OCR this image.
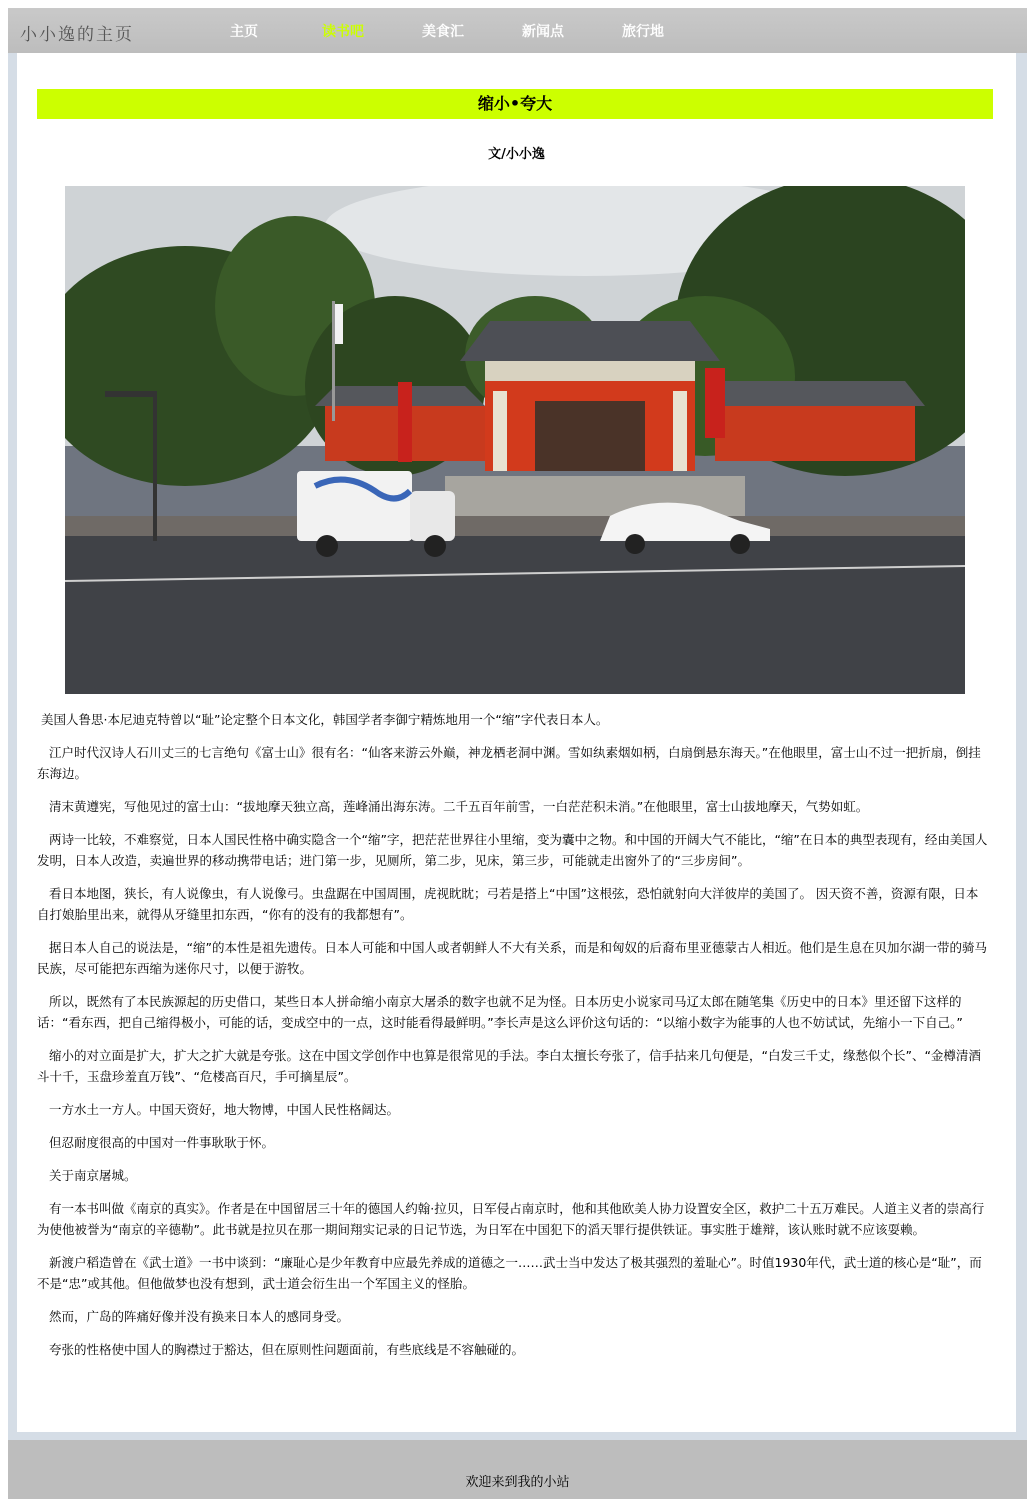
小小逸的主页	主页	读书吧	美食汇	新闻点	旅行地
缩小•夸大
文/小小逸

美国人鲁思·本尼迪克特曾以“耻”论定整个日本文化，韩国学者李御宁精炼地用一个“缩”字代表日本人。

江户时代汉诗人石川丈三的七言绝句《富士山》很有名：“仙客来游云外巅，神龙栖老洞中渊。雪如纨素烟如柄，白扇倒悬东海天。”在他眼里，富士山不过一把折扇，倒挂东海边。

清末黄遵宪，写他见过的富士山：“拔地摩天独立高，莲峰涌出海东涛。二千五百年前雪，一白茫茫积未消。”在他眼里，富士山拔地摩天，气势如虹。

两诗一比较，不难察觉，日本人国民性格中确实隐含一个“缩”字，把茫茫世界往小里缩，变为囊中之物。和中国的开阔大气不能比，“缩”在日本的典型表现有，经由美国人发明，日本人改造，卖遍世界的移动携带电话；进门第一步，见厕所，第二步，见床，第三步，可能就走出窗外了的“三步房间”。

看日本地图，狭长，有人说像虫，有人说像弓。虫盘踞在中国周围，虎视眈眈；弓若是搭上“中国”这根弦，恐怕就射向大洋彼岸的美国了。 因天资不善，资源有限，日本自打娘胎里出来，就得从牙缝里扣东西，“你有的没有的我都想有”。

据日本人自己的说法是，“缩”的本性是祖先遗传。日本人可能和中国人或者朝鲜人不大有关系，而是和匈奴的后裔布里亚德蒙古人相近。他们是生息在贝加尔湖一带的骑马民族，尽可能把东西缩为迷你尺寸，以便于游牧。

所以，既然有了本民族源起的历史借口，某些日本人拼命缩小南京大屠杀的数字也就不足为怪。日本历史小说家司马辽太郎在随笔集《历史中的日本》里还留下这样的话：“看东西，把自己缩得极小，可能的话，变成空中的一点，这时能看得最鲜明。”李长声是这么评价这句话的：“以缩小数字为能事的人也不妨试试，先缩小一下自己。”

缩小的对立面是扩大，扩大之扩大就是夸张。这在中国文学创作中也算是很常见的手法。李白太擅长夸张了，信手拈来几句便是，“白发三千丈，缘愁似个长”、“金樽清酒斗十千，玉盘珍羞直万钱”、“危楼高百尺，手可摘星辰”。

一方水土一方人。中国天资好，地大物博，中国人民性格阔达。

但忍耐度很高的中国对一件事耿耿于怀。

关于南京屠城。

有一本书叫做《南京的真实》。作者是在中国留居三十年的德国人约翰·拉贝，日军侵占南京时，他和其他欧美人协力设置安全区，救护二十五万难民。人道主义者的崇高行为使他被誉为“南京的辛德勒”。此书就是拉贝在那一期间翔实记录的日记节选，为日军在中国犯下的滔天罪行提供铁证。事实胜于雄辩，该认账时就不应该耍赖。

新渡户稻造曾在《武士道》一书中谈到：“廉耻心是少年教育中应最先养成的道德之一……武士当中发达了极其强烈的羞耻心”。时值1930年代，武士道的核心是“耻”，而不是“忠”或其他。但他做梦也没有想到，武士道会衍生出一个军国主义的怪胎。

然而，广岛的阵痛好像并没有换来日本人的感同身受。

夸张的性格使中国人的胸襟过于豁达，但在原则性问题面前，有些底线是不容触碰的。

欢迎来到我的小站
